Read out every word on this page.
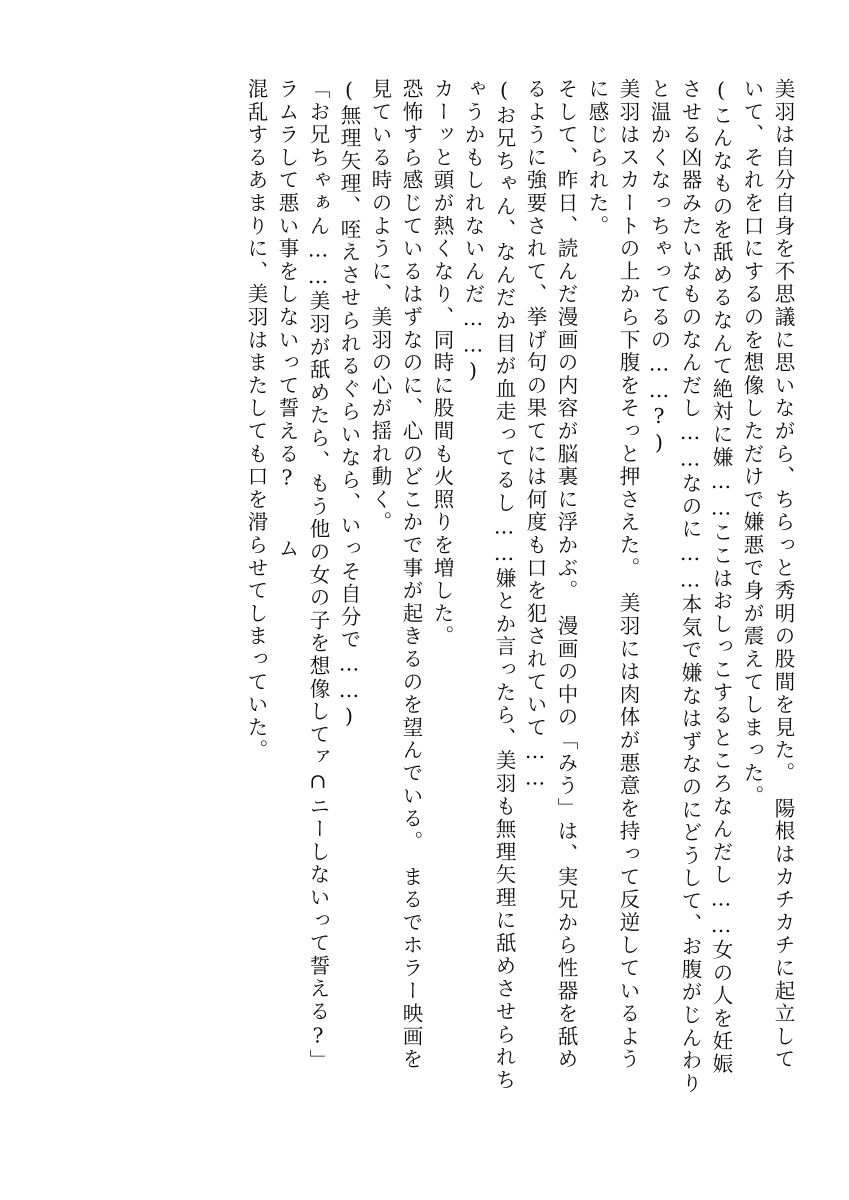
美羽は自分自身を不思議に思いながら、ちらっと秀明の股間を見た。　陽根はカチカチに起立して
いて、それを口にするのを想像しただけで嫌悪で身が震えてしまった。
(こんなものを舐めるなんて絶対に嫌……ここはおしっこするところなんだし……女の人を妊娠
させる凶器みたいなものなんだし……なのに……本気で嫌なはずなのにどうして、お腹がじんわり
と温かくなっちゃってるの……?)
美羽はスカートの上から下腹をそっと押さえた。　美羽には肉体が悪意を持って反逆しているよう
に感じられた。
そして、昨日、読んだ漫画の内容が脳裏に浮かぶ。　漫画の中の「みう」は、実兄から性器を舐め
るように強要されて、挙げ句の果てには何度も口を犯されていて……
(お兄ちゃん、なんだか目が血走ってるし……嫌とか言ったら、美羽も無理矢理に舐めさせられち
ゃうかもしれないんだ……)
カーッと頭が熱くなり、同時に股間も火照りを増した。
恐怖すら感じているはずなのに、心のどこかで事が起きるのを望んでいる。　まるでホラー映画を
見ている時のように、美羽の心が揺れ動く。
(無理矢理、咥えさせられるぐらいなら、いっそ自分で……)
「お兄ちゃぁん……美羽が舐めたら、もう他の女の子を想像してァ∩ニーしないって誓える?」
ラムラして悪い事をしないって誓える?　　ム
混乱するあまりに、美羽はまたしても口を滑らせてしまっていた。
